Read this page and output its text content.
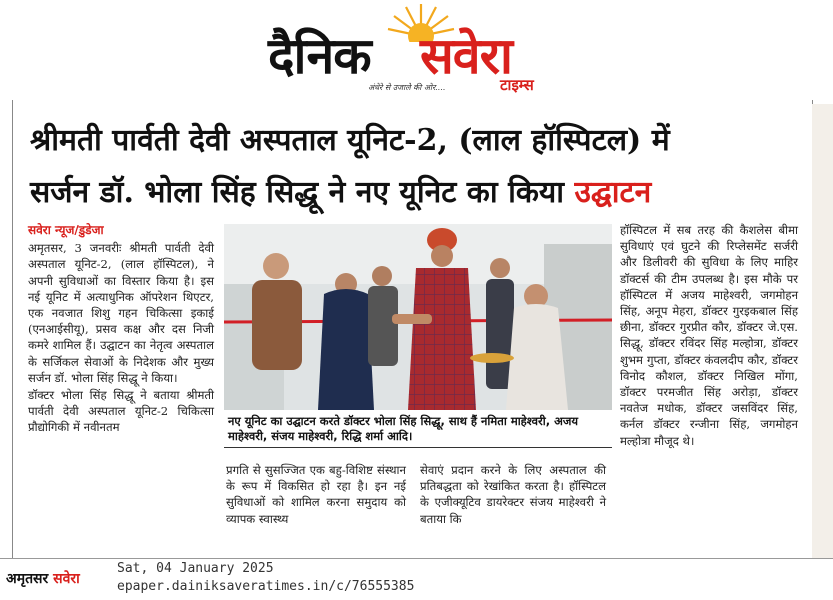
दैनिक सवेरा
अंधेरे से उजाले की ओर....	टाइम्स
श्रीमती पार्वती देवी अस्पताल यूनिट-2, (लाल हॉस्पिटल) में
सर्जन डॉ. भोला सिंह सिद्धू ने नए यूनिट का किया उद्घाटन
सवेरा न्यूज/डुडेजा

अमृतसर, 3 जनवरीः श्रीमती पार्वती देवी अस्पताल यूनिट-2, (लाल हॉस्पिटल), ने अपनी सुविधाओं का विस्तार किया है। इस नई यूनिट में अत्याधुनिक ऑपरेशन थिएटर, एक नवजात शिशु गहन चिकित्सा इकाई (एनआईसीयू), प्रसव कक्ष और दस निजी कमरे शामिल हैं। उद्घाटन का नेतृत्व अस्पताल के सर्जिकल सेवाओं के निदेशक और मुख्य सर्जन डॉ. भोला सिंह सिद्धू ने किया।

डॉक्टर भोला सिंह सिद्धू ने बताया श्रीमती पार्वती देवी अस्पताल यूनिट-2 चिकित्सा प्रौद्योगिकी में नवीनतम	नए यूनिट का उद्घाटन करते डॉक्टर भोला सिंह सिद्धू, साथ हैं नमिता माहेश्वरी, अजय माहेश्वरी, संजय माहेश्वरी, रिद्धि शर्मा आदि।

प्रगति से सुसज्जित एक बहु-विशिष्ट संस्थान के रूप में विकसित हो रहा है। इन नई सुविधाओं को शामिल करना समुदाय को व्यापक स्वास्थ्य

सेवाएं प्रदान करने के लिए अस्पताल की प्रतिबद्धता को रेखांकित करता है। हॉस्पिटल के एजीक्यूटिव डायरेक्टर संजय माहेश्वरी ने बताया कि

हॉस्पिटल में सब तरह की कैशलेस बीमा सुविधाएं एवं घुटने की रिप्लेसमेंट सर्जरी और डिलीवरी की सुविधा के लिए माहिर डॉक्टर्स की टीम उपलब्ध है। इस मौके पर हॉस्पिटल में अजय माहेश्वरी, जगमोहन सिंह, अनूप मेहरा, डॉक्टर गुरइकबाल सिंह छीना, डॉक्टर गुरप्रीत कौर, डॉक्टर जे.एस. सिद्धू, डॉक्टर रविंदर सिंह मल्होत्रा, डॉक्टर शुभम गुप्ता, डॉक्टर कंवलदीप कौर, डॉक्टर विनोद कौशल, डॉक्टर निखिल मोंगा, डॉक्टर परमजीत सिंह अरोड़ा, डॉक्टर नवतेज मधोक, डॉक्टर जसविंदर सिंह, कर्नल डॉक्टर रन्जीना सिंह, जगमोहन मल्होत्रा मौजूद थे।

अमृतसर सवेरा
Sat, 04 January 2025
epaper.dainiksaveratimes.in/c/76555385
